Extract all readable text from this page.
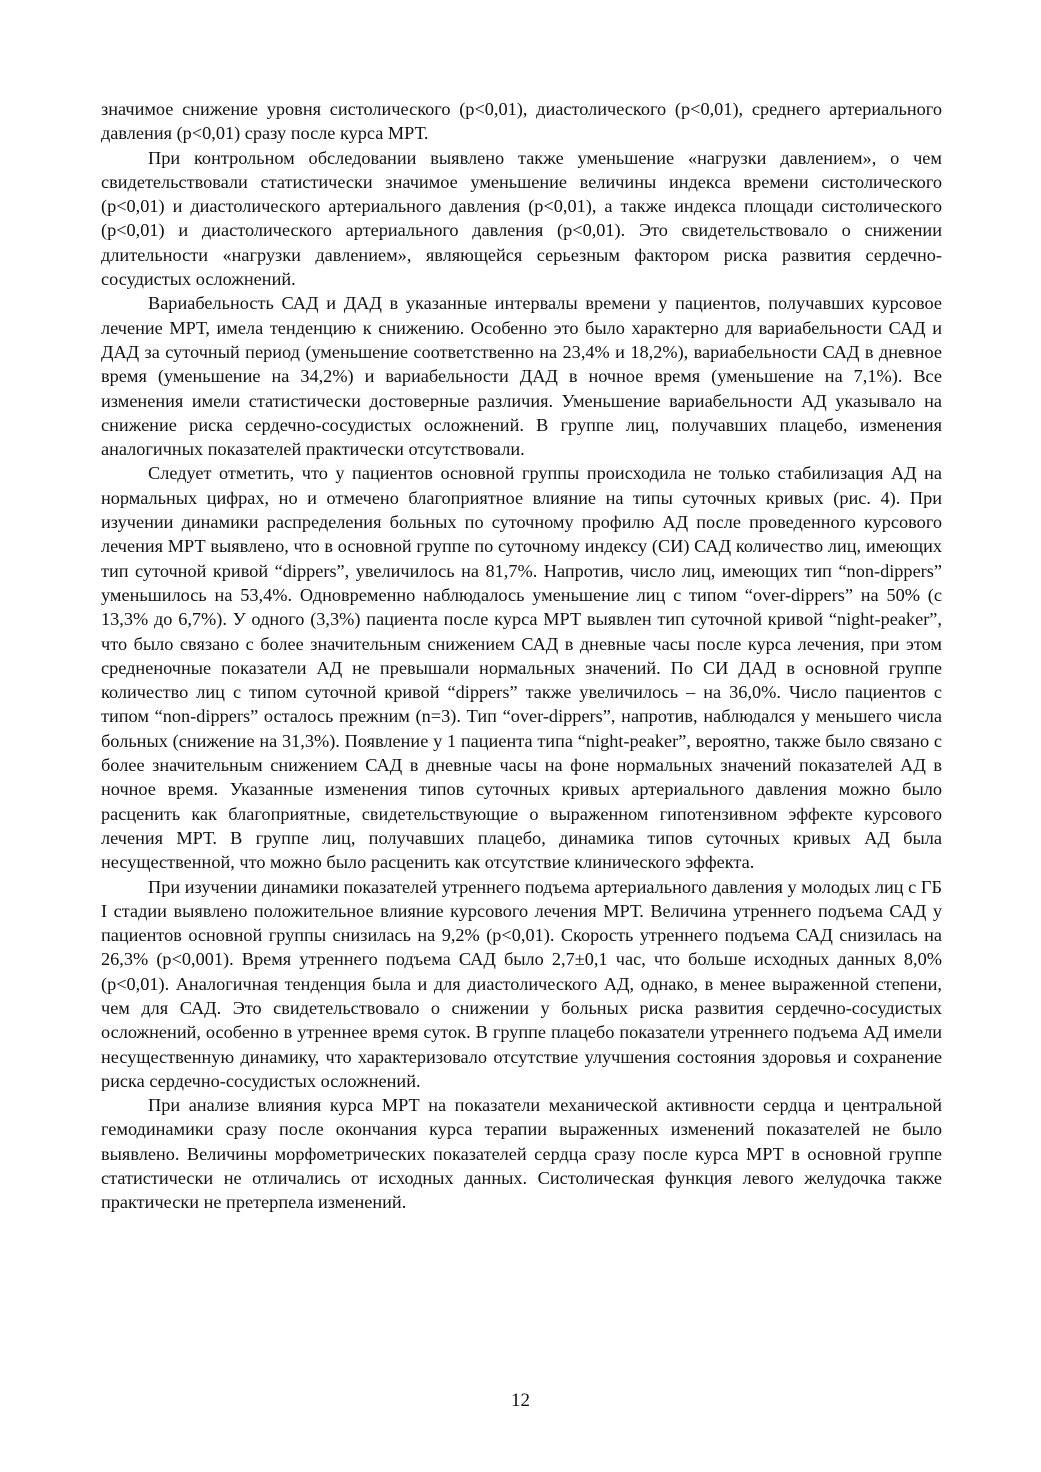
значимое снижение уровня систолического (р<0,01), диастолического (р<0,01), среднего артериального давления (р<0,01) сразу после курса МРТ.

При контрольном обследовании выявлено также уменьшение «нагрузки давлением», о чем свидетельствовали статистически значимое уменьшение величины индекса времени систолического (р<0,01) и диастолического артериального давления (р<0,01), а также индекса площади систолического (р<0,01) и диастолического артериального давления (р<0,01). Это свидетельствовало о снижении длительности «нагрузки давлением», являющейся серьезным фактором риска развития сердечно-сосудистых осложнений.

Вариабельность САД и ДАД в указанные интервалы времени у пациентов, получавших курсовое лечение МРТ, имела тенденцию к снижению. Особенно это было характерно для вариабельности САД и ДАД за суточный период (уменьшение соответственно на 23,4% и 18,2%), вариабельности САД в дневное время (уменьшение на 34,2%) и вариабельности ДАД в ночное время (уменьшение на 7,1%). Все изменения имели статистически достоверные различия. Уменьшение вариабельности АД указывало на снижение риска сердечно-сосудистых осложнений. В группе лиц, получавших плацебо, изменения аналогичных показателей практически отсутствовали.

Следует отметить, что у пациентов основной группы происходила не только стабилизация АД на нормальных цифрах, но и отмечено благоприятное влияние на типы суточных кривых (рис. 4). При изучении динамики распределения больных по суточному профилю АД после проведенного курсового лечения МРТ выявлено, что в основной группе по суточному индексу (СИ) САД количество лиц, имеющих тип суточной кривой “dippers”, увеличилось на 81,7%. Напротив, число лиц, имеющих тип “non-dippers” уменьшилось на 53,4%. Одновременно наблюдалось уменьшение лиц с типом “over-dippers” на 50% (с 13,3% до 6,7%). У одного (3,3%) пациента после курса МРТ выявлен тип суточной кривой “night-peaker”, что было связано с более значительным снижением САД в дневные часы после курса лечения, при этом средненочные показатели АД не превышали нормальных значений. По СИ ДАД в основной группе количество лиц с типом суточной кривой “dippers” также увеличилось – на 36,0%. Число пациентов с типом “non-dippers” осталось прежним (n=3). Тип “over-dippers”, напротив, наблюдался у меньшего числа больных (снижение на 31,3%). Появление у 1 пациента типа “night-peaker”, вероятно, также было связано с более значительным снижением САД в дневные часы на фоне нормальных значений показателей АД в ночное время. Указанные изменения типов суточных кривых артериального давления можно было расценить как благоприятные, свидетельствующие о выраженном гипотензивном эффекте курсового лечения МРТ. В группе лиц, получавших плацебо, динамика типов суточных кривых АД была несущественной, что можно было расценить как отсутствие клинического эффекта.

При изучении динамики показателей утреннего подъема артериального давления у молодых лиц с ГБ I стадии выявлено положительное влияние курсового лечения МРТ. Величина утреннего подъема САД у пациентов основной группы снизилась на 9,2% (р<0,01). Скорость утреннего подъема САД снизилась на 26,3% (р<0,001). Время утреннего подъема САД было 2,7±0,1 час, что больше исходных данных 8,0% (р<0,01). Аналогичная тенденция была и для диастолического АД, однако, в менее выраженной степени, чем для САД. Это свидетельствовало о снижении у больных риска развития сердечно-сосудистых осложнений, особенно в утреннее время суток. В группе плацебо показатели утреннего подъема АД имели несущественную динамику, что характеризовало отсутствие улучшения состояния здоровья и сохранение риска сердечно-сосудистых осложнений.

При анализе влияния курса МРТ на показатели механической активности сердца и центральной гемодинамики сразу после окончания курса терапии выраженных изменений показателей не было выявлено. Величины морфометрических показателей сердца сразу после курса МРТ в основной группе статистически не отличались от исходных данных. Систолическая функция левого желудочка также практически не претерпела изменений.

12
